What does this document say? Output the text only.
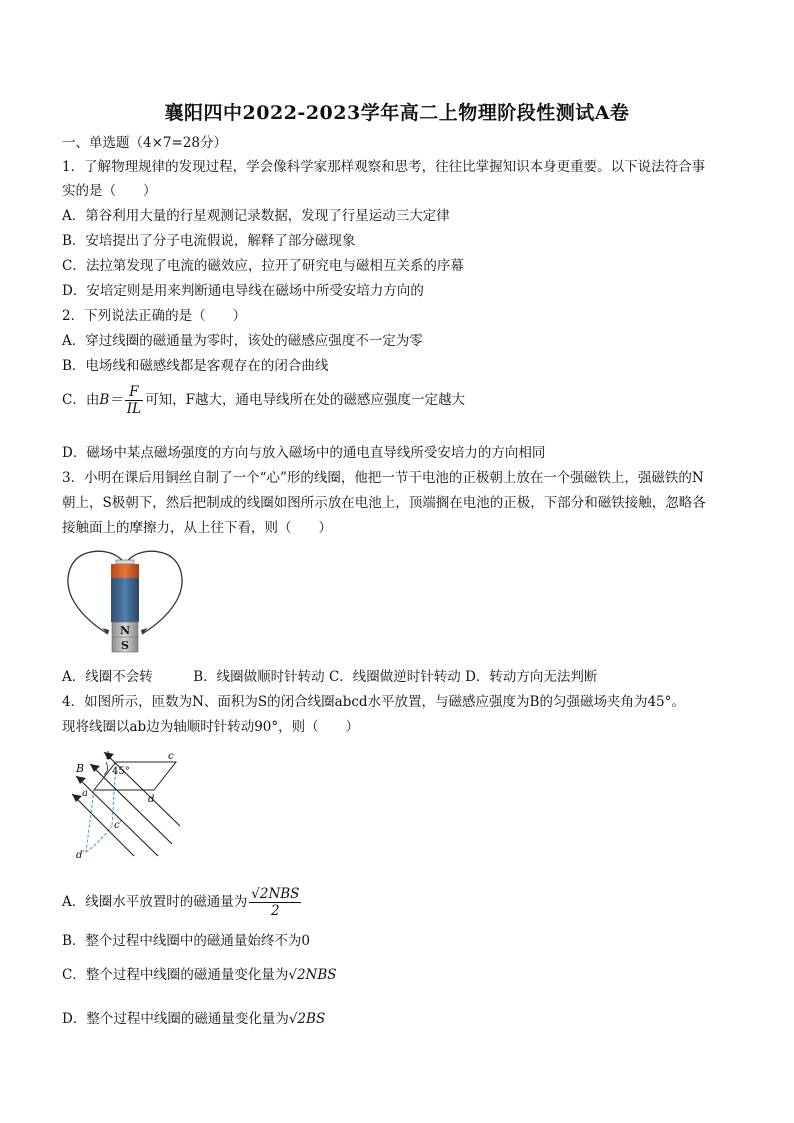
襄阳四中2022-2023学年高二上物理阶段性测试A卷
一、单选题（4×7=28分）
1．了解物理规律的发现过程，学会像科学家那样观察和思考，往往比掌握知识本身更重要。以下说法符合事
实的是（　　）
A．第谷利用大量的行星观测记录数据，发现了行星运动三大定律
B．安培提出了分子电流假说，解释了部分磁现象
C．法拉第发现了电流的磁效应，拉开了研究电与磁相互关系的序幕
D．安培定则是用来判断通电导线在磁场中所受安培力方向的
2．下列说法正确的是（　　）
A．穿过线圈的磁通量为零时，该处的磁感应强度不一定为零
B．电场线和磁感线都是客观存在的闭合曲线
C．由$B= \frac{F}{IL}$ 可知，F越大，通电导线所在处的磁感应强度一定越大
D．磁场中某点磁场强度的方向与放入磁场中的通电直导线所受安培力的方向相同
3．小明在课后用铜丝自制了一个“心”形的线圈，他把一节干电池的正极朝上放在一个强磁铁上，强磁铁的N
朝上，S极朝下，然后把制成的线圈如图所示放在电池上，顶端搁在电池的正极，下部分和磁铁接触，忽略各
接触面上的摩擦力，从上往下看，则（　　）
N
S
A．线圈不会转　　　B．线圈做顺时针转动 C．线圈做逆时针转动 D．转动方向无法判断
4．如图所示，匝数为N、面积为S的闭合线圈abcd水平放置，与磁感应强度为B的匀强磁场夹角为45°。
现将线圈以ab边为轴顺时针转动90°，则（　　）
45°
B
b	c
a
d
c′
d′
A．线圈水平放置时的磁通量为 $\frac{\text{√2NBS}}{2}$
B．整个过程中线圈中的磁通量始终不为0
C．整个过程中线圈的磁通量变化量为√2NBS
D．整个过程中线圈的磁通量变化量为√2BS
